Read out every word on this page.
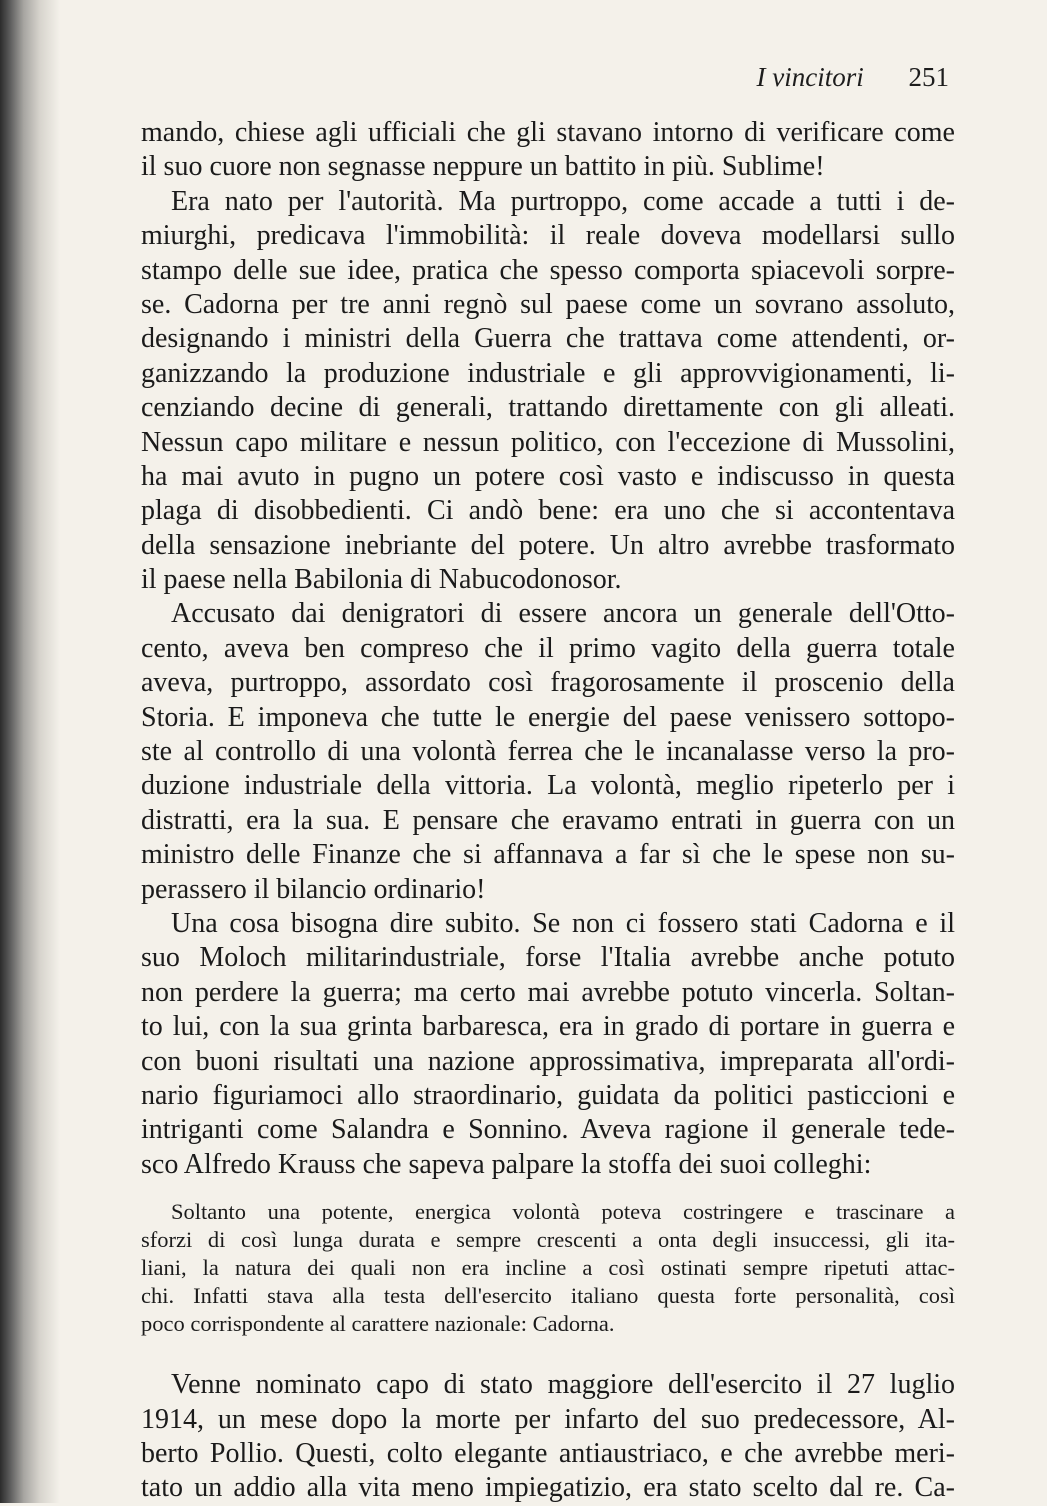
I vincitori 251
mando, chiese agli ufficiali che gli stavano intorno di verificare come
il suo cuore non segnasse neppure un battito in più. Sublime!
Era nato per l'autorità. Ma purtroppo, come accade a tutti i de-
miurghi, predicava l'immobilità: il reale doveva modellarsi sullo
stampo delle sue idee, pratica che spesso comporta spiacevoli sorpre-
se. Cadorna per tre anni regnò sul paese come un sovrano assoluto,
designando i ministri della Guerra che trattava come attendenti, or-
ganizzando la produzione industriale e gli approvvigionamenti, li-
cenziando decine di generali, trattando direttamente con gli alleati.
Nessun capo militare e nessun politico, con l'eccezione di Mussolini,
ha mai avuto in pugno un potere così vasto e indiscusso in questa
plaga di disobbedienti. Ci andò bene: era uno che si accontentava
della sensazione inebriante del potere. Un altro avrebbe trasformato
il paese nella Babilonia di Nabucodonosor.
Accusato dai denigratori di essere ancora un generale dell'Otto-
cento, aveva ben compreso che il primo vagito della guerra totale
aveva, purtroppo, assordato così fragorosamente il proscenio della
Storia. E imponeva che tutte le energie del paese venissero sottopo-
ste al controllo di una volontà ferrea che le incanalasse verso la pro-
duzione industriale della vittoria. La volontà, meglio ripeterlo per i
distratti, era la sua. E pensare che eravamo entrati in guerra con un
ministro delle Finanze che si affannava a far sì che le spese non su-
perassero il bilancio ordinario!
Una cosa bisogna dire subito. Se non ci fossero stati Cadorna e il
suo Moloch militarindustriale, forse l'Italia avrebbe anche potuto
non perdere la guerra; ma certo mai avrebbe potuto vincerla. Soltan-
to lui, con la sua grinta barbaresca, era in grado di portare in guerra e
con buoni risultati una nazione approssimativa, impreparata all'ordi-
nario figuriamoci allo straordinario, guidata da politici pasticcioni e
intriganti come Salandra e Sonnino. Aveva ragione il generale tede-
sco Alfredo Krauss che sapeva palpare la stoffa dei suoi colleghi:
Soltanto una potente, energica volontà poteva costringere e trascinare a
sforzi di così lunga durata e sempre crescenti a onta degli insuccessi, gli ita-
liani, la natura dei quali non era incline a così ostinati sempre ripetuti attac-
chi. Infatti stava alla testa dell'esercito italiano questa forte personalità, così
poco corrispondente al carattere nazionale: Cadorna.
Venne nominato capo di stato maggiore dell'esercito il 27 luglio
1914, un mese dopo la morte per infarto del suo predecessore, Al-
berto Pollio. Questi, colto elegante antiaustriaco, e che avrebbe meri-
tato un addio alla vita meno impiegatizio, era stato scelto dal re. Ca-
